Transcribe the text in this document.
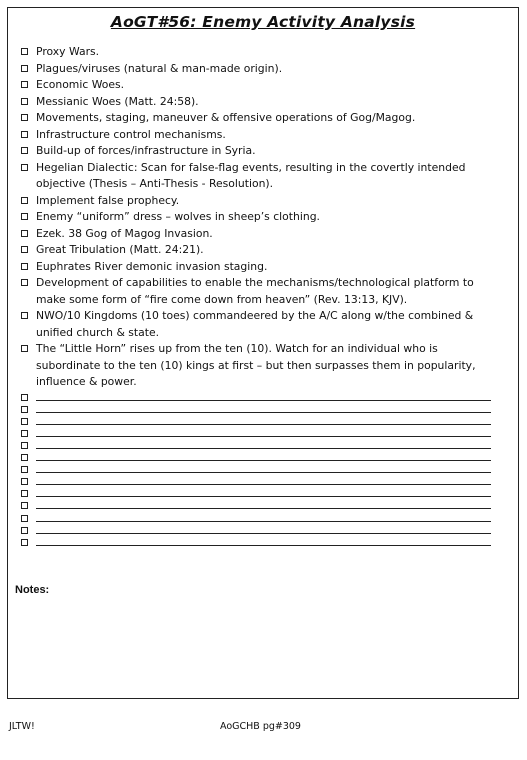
AoGT#56: Enemy Activity Analysis
Proxy Wars.
Plagues/viruses (natural & man-made origin).
Economic Woes.
Messianic Woes (Matt. 24:58).
Movements, staging, maneuver & offensive operations of Gog/Magog.
Infrastructure control mechanisms.
Build-up of forces/infrastructure in Syria.
Hegelian Dialectic: Scan for false-flag events, resulting in the covertly intended objective (Thesis – Anti-Thesis - Resolution).
Implement false prophecy.
Enemy “uniform” dress – wolves in sheep’s clothing.
Ezek. 38 Gog of Magog Invasion.
Great Tribulation (Matt. 24:21).
Euphrates River demonic invasion staging.
Development of capabilities to enable the mechanisms/technological platform to make some form of “fire come down from heaven” (Rev. 13:13, KJV).
NWO/10 Kingdoms (10 toes) commandeered by the A/C along w/the combined & unified church & state.
The “Little Horn” rises up from the ten (10). Watch for an individual who is subordinate to the ten (10) kings at first – but then surpasses them in popularity, influence & power.
Notes:
JLTW!	AoGCHB pg#309
